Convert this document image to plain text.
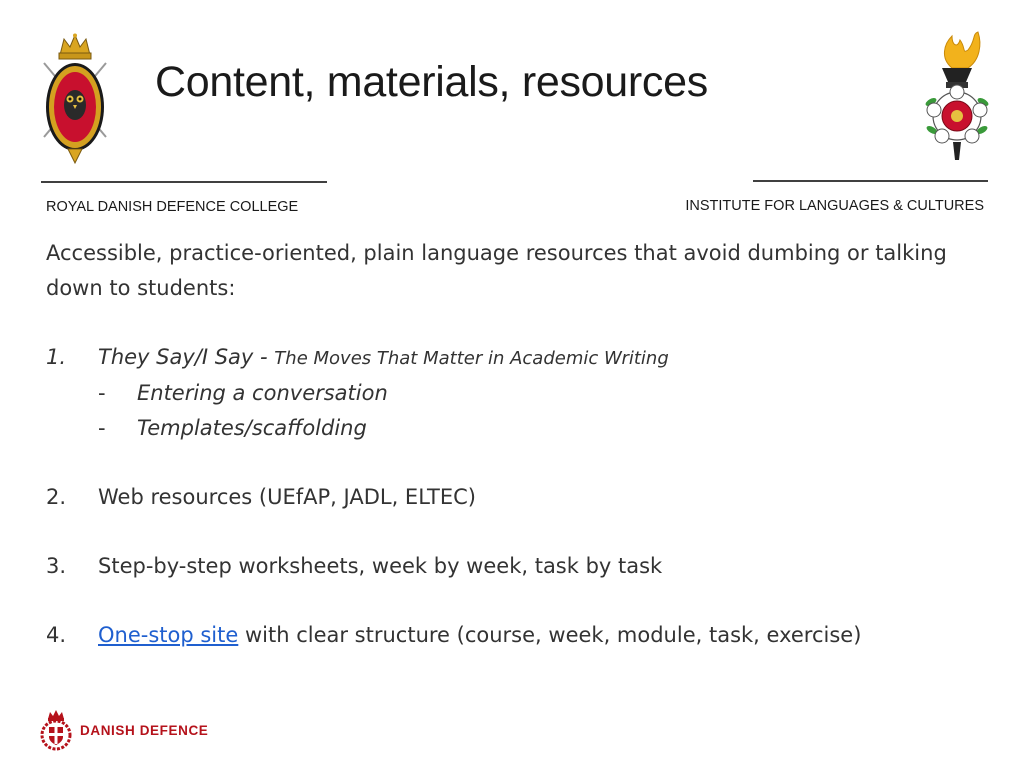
Content, materials, resources
ROYAL DANISH DEFENCE COLLEGE	INSTITUTE FOR LANGUAGES & CULTURES

Accessible, practice-oriented, plain language resources that avoid dumbing or talking down to students:

1.	They Say/I Say - The Moves That Matter in Academic Writing
-	Entering a conversation
-	Templates/scaffolding
2.	Web resources (UEfAP, JADL, ELTEC)
3.	Step-by-step worksheets, week by week, task by task
4.	One-stop site with clear structure (course, week, module, task, exercise)
DANISH DEFENCE
